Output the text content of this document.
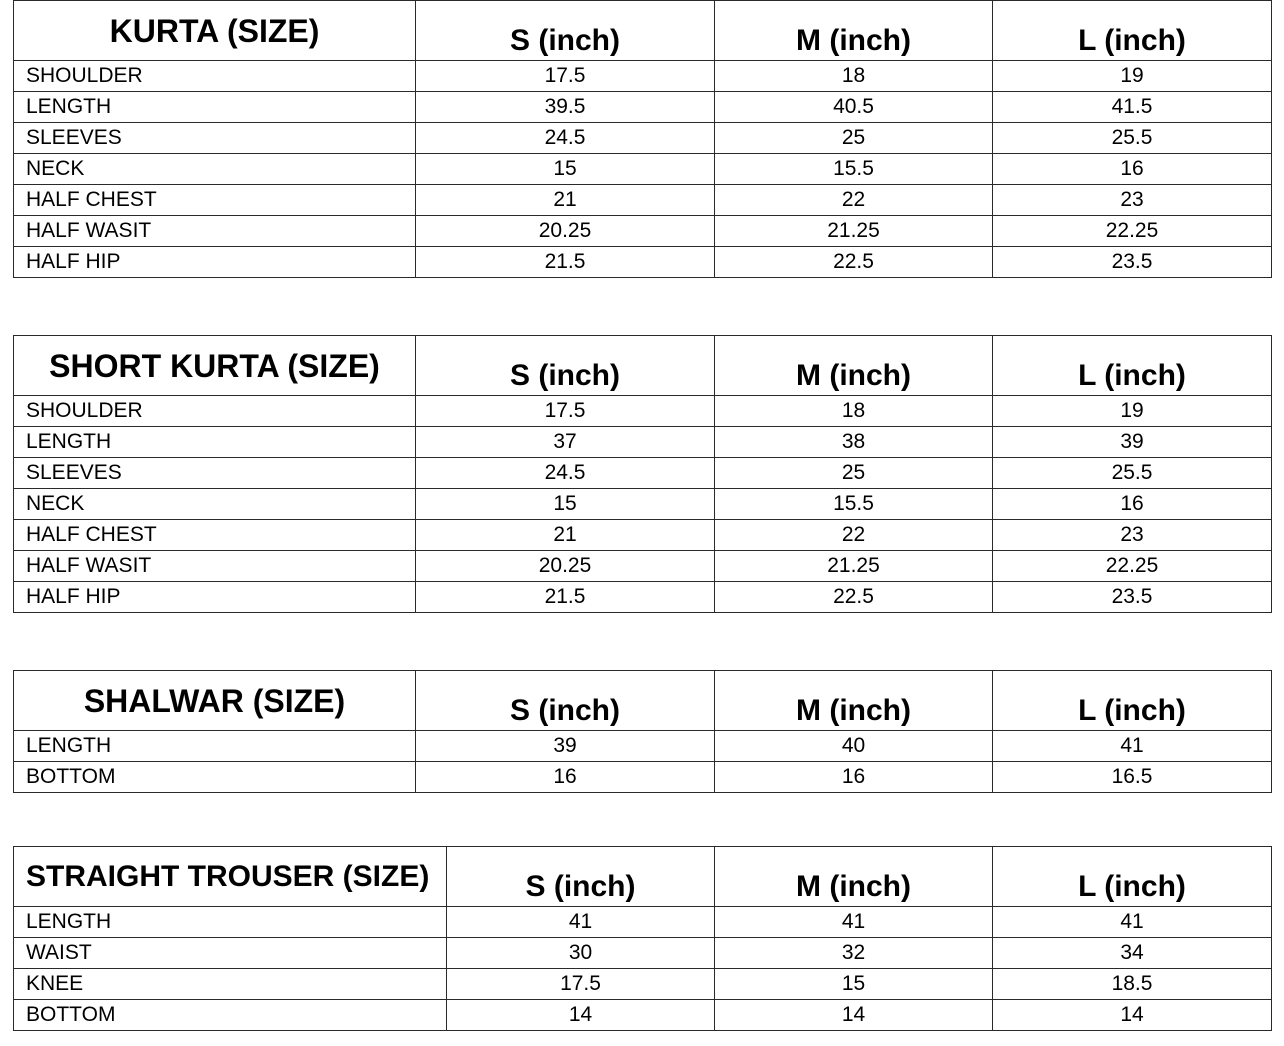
KURTA (SIZE)	S (inch)	M (inch)	L (inch)
SHOULDER	17.5	18	19
LENGTH	39.5	40.5	41.5
SLEEVES	24.5	25	25.5
NECK	15	15.5	16
HALF CHEST	21	22	23
HALF WASIT	20.25	21.25	22.25
HALF HIP	21.5	22.5	23.5
SHORT KURTA (SIZE)	S (inch)	M (inch)	L (inch)
SHOULDER	17.5	18	19
LENGTH	37	38	39
SLEEVES	24.5	25	25.5
NECK	15	15.5	16
HALF CHEST	21	22	23
HALF WASIT	20.25	21.25	22.25
HALF HIP	21.5	22.5	23.5
SHALWAR (SIZE)	S (inch)	M (inch)	L (inch)
LENGTH	39	40	41
BOTTOM	16	16	16.5
STRAIGHT TROUSER (SIZE)	S (inch)	M (inch)	L (inch)
LENGTH	41	41	41
WAIST	30	32	34
KNEE	17.5	15	18.5
BOTTOM	14	14	14
